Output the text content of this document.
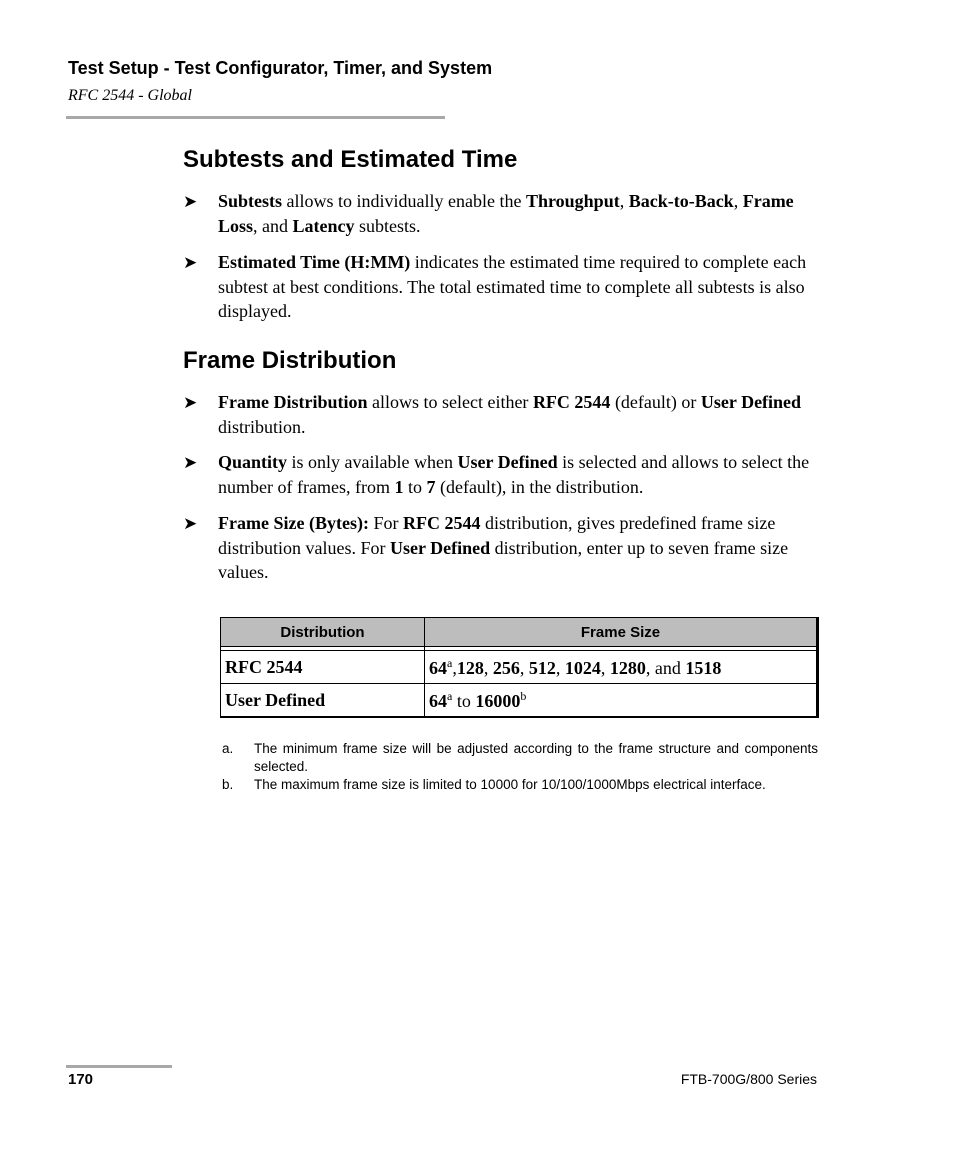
Test Setup - Test Configurator, Timer, and System
RFC 2544 - Global
Subtests and Estimated Time
➤ Subtests allows to individually enable the Throughput, Back-to-Back, Frame Loss, and Latency subtests.
➤ Estimated Time (H:MM) indicates the estimated time required to complete each subtest at best conditions. The total estimated time to complete all subtests is also displayed.
Frame Distribution
➤ Frame Distribution allows to select either RFC 2544 (default) or User Defined distribution.
➤ Quantity is only available when User Defined is selected and allows to select the number of frames, from 1 to 7 (default), in the distribution.
➤ Frame Size (Bytes): For RFC 2544 distribution, gives predefined frame size distribution values. For User Defined distribution, enter up to seven frame size values.
Distribution	Frame Size

RFC 2544	64$^a$,128, 256, 512, 1024, 1280, and 1518
User Defined	64$^a$ to 16000$^b$
a. The minimum frame size will be adjusted according to the frame structure and components selected.
b. The maximum frame size is limited to 10000 for 10/100/1000Mbps electrical interface.
170	FTB-700G/800 Series
